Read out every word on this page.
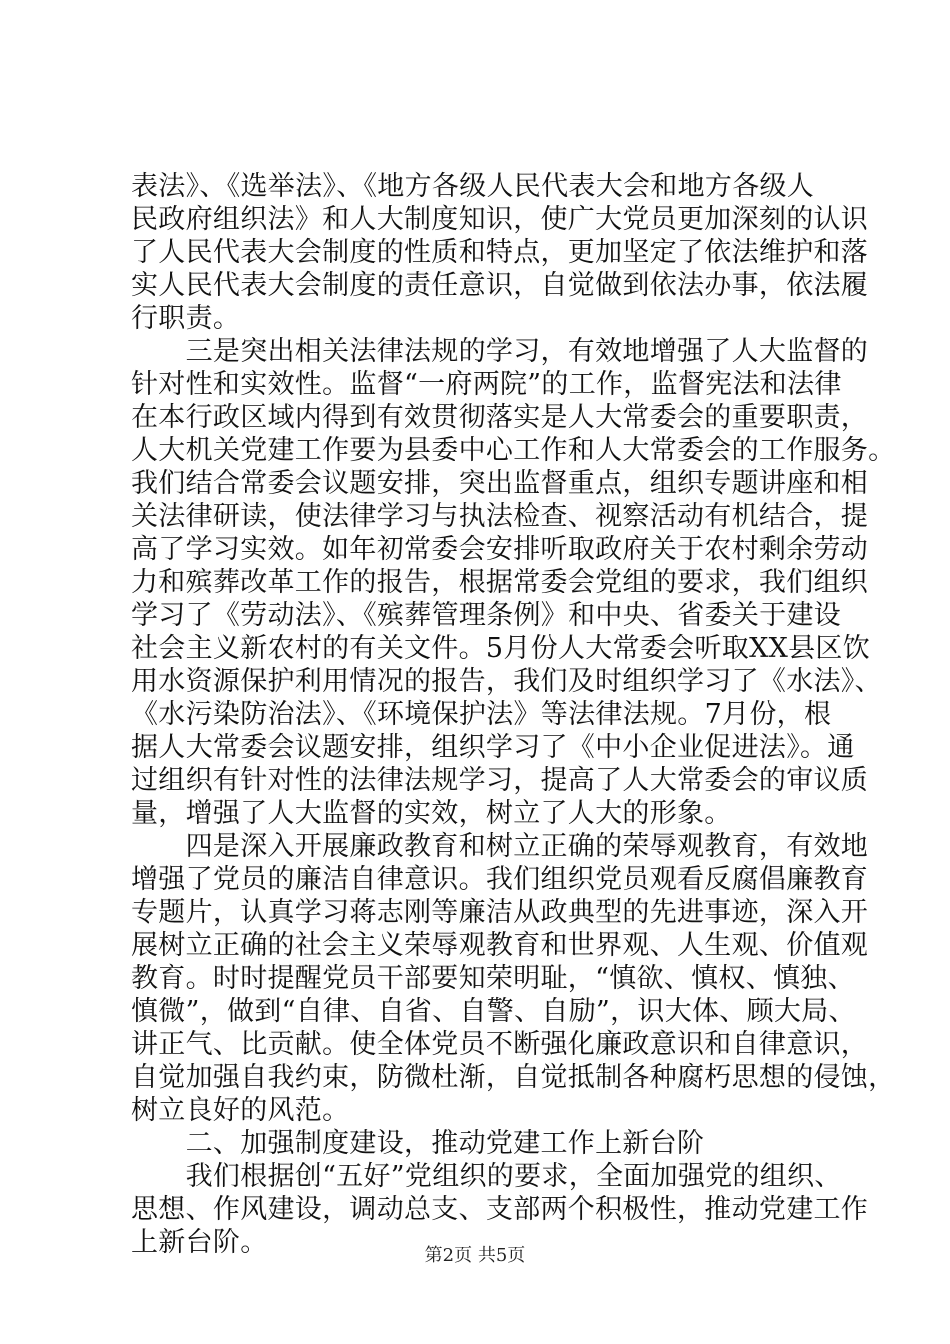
表法》、《选举法》、《地方各级人民代表大会和地方各级人
民政府组织法》和人大制度知识，使广大党员更加深刻的认识
了人民代表大会制度的性质和特点，更加坚定了依法维护和落
实人民代表大会制度的责任意识，自觉做到依法办事，依法履
行职责。
　　三是突出相关法律法规的学习，有效地增强了人大监督的
针对性和实效性。监督“一府两院”的工作，监督宪法和法律
在本行政区域内得到有效贯彻落实是人大常委会的重要职责，
人大机关党建工作要为县委中心工作和人大常委会的工作服务。
我们结合常委会议题安排，突出监督重点，组织专题讲座和相
关法律研读，使法律学习与执法检查、视察活动有机结合，提
高了学习实效。如年初常委会安排听取政府关于农村剩余劳动
力和殡葬改革工作的报告，根据常委会党组的要求，我们组织
学习了《劳动法》、《殡葬管理条例》和中央、省委关于建设
社会主义新农村的有关文件。5月份人大常委会听取XX县区饮
用水资源保护利用情况的报告，我们及时组织学习了《水法》、
《水污染防治法》、《环境保护法》等法律法规。7月份，根
据人大常委会议题安排，组织学习了《中小企业促进法》。通
过组织有针对性的法律法规学习，提高了人大常委会的审议质
量，增强了人大监督的实效，树立了人大的形象。
　　四是深入开展廉政教育和树立正确的荣辱观教育，有效地
增强了党员的廉洁自律意识。我们组织党员观看反腐倡廉教育
专题片，认真学习蒋志刚等廉洁从政典型的先进事迹，深入开
展树立正确的社会主义荣辱观教育和世界观、人生观、价值观
教育。时时提醒党员干部要知荣明耻，“慎欲、慎权、慎独、
慎微”，做到“自律、自省、自警、自励”，识大体、顾大局、
讲正气、比贡献。使全体党员不断强化廉政意识和自律意识，
自觉加强自我约束，防微杜渐，自觉抵制各种腐朽思想的侵蚀，
树立良好的风范。
　　二、加强制度建设，推动党建工作上新台阶
　　我们根据创“五好”党组织的要求，全面加强党的组织、
思想、作风建设，调动总支、支部两个积极性，推动党建工作
上新台阶。	第2页 共5页
